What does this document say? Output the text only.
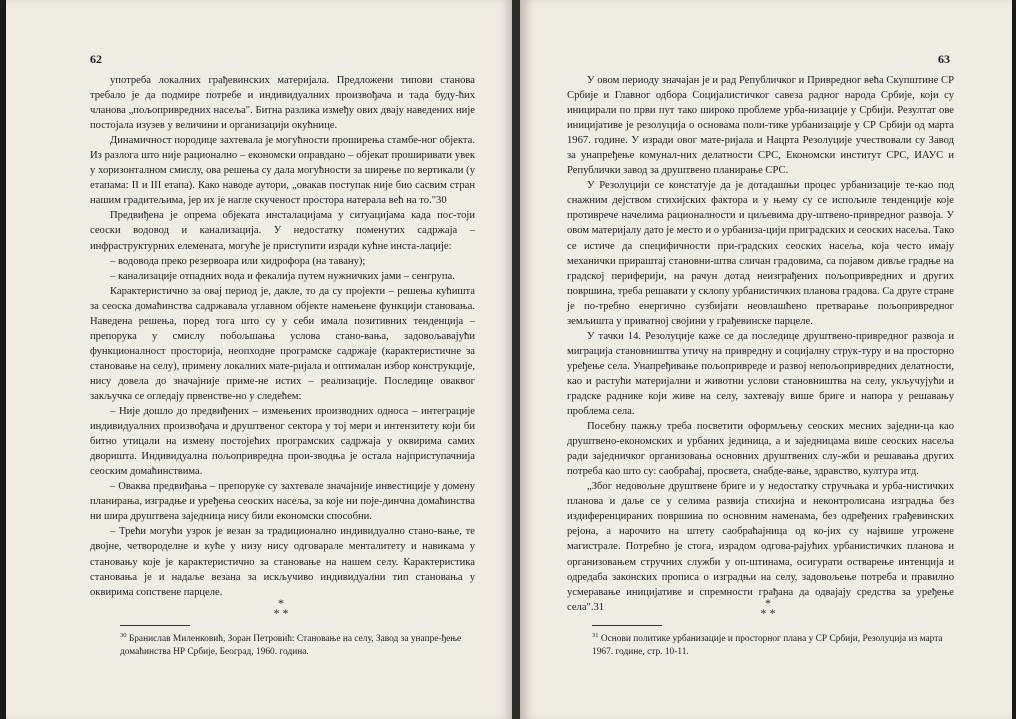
62

употреба локалних грађевинских материјала. Предложени типови станова требало је да подмире потребе и индивидуалних произвођача и тада буду-ћих чланова „пољопривредних насеља". Битна разлика између ових двају наведених није постојала изузев у величини и организацији окућнице.

Динамичност породице захтевала је могућности проширења стамбе-ног објекта. Из разлога што није рационално – економски оправдано – објекат проширивати увек у хоризонталном смислу, ова решења су дала могућности за ширење по вертикали (у етапама: II и III етапа). Како наводе аутори, „овакав поступак није био сасвим стран нашим градитељима, јер их је нагле скученост простора натерала већ на то."30

Предвиђена је опрема објеката инсталацијама у ситуацијама када пос-тоји сеоски водовод и канализација. У недостатку поменутих садржаја – инфраструктурних елемената, могуће је приступити изради кућне инста-лације:

– водовода преко резервоара или хидрофора (на тавану);

– канализације отпадних вода и фекалија путем нужничких јами – сенгрупа.

Карактеристично за овај период је, дакле, то да су пројекти – решења кућишта за сеоска домаћинства садржавала углавном објекте намењене функцији становања. Наведена решења, поред тога што су у себи имала позитивних тенденција – препорука у смислу побољшања услова стано-вања, задовољавајући функционалност просторија, неопходне програмске садржаје (карактеристичне за становање на селу), примену локалних мате-ријала и оптималан избор конструкције, нису довела до значајније приме-не истих – реализације. Последице оваквог закључка се огледају првенстве-но у следећем:

– Није дошло до предвиђених – измењених производних односа – интеграције индивидуалних произвођача и друштвеног сектора у тој мери и интензитету који би битно утицали на измену постојећих програмских садржаја у оквирима самих дворишта. Индивидуална пољопривредна прои-зводња је остала најприступачнија сеоским домаћинствима.

– Оваква предвиђања – препоруке су захтевале значајније инвестиције у домену планирања, изградње и уређења сеоских насеља, за које ни поје-динчна домаћинства ни шира друштвена заједница нису били економски способни.

– Трећи могући узрок је везан за традиционално индивидуално стано-вање, те двојне, четвороделне и куће у низу нису одговарале менталитету и навикама у становању које је карактеристично за становање на нашем селу. Карактеристика становања је и надаље везана за искључиво индивидуални тип становања у оквирима сопствене парцеле.

*
* *
$^{30}$ Бранислав Миленковић, Зоран Петровић: Становање на селу, Завод за унапре-ђење домаћинства НР Србије, Београд, 1960. година.
63

У овом периоду значајан је и рад Републичког и Привредног већа Скупштине СР Србије и Главног одбора Социјалистичког савеза радног народа Србије, који су иницирали по први пут тако широко проблеме урба-низације у Србији. Резултат ове иницијативе је резолуција о основама поли-тике урбанизације у СР Србији од марта 1967. године. У изради овог мате-ријала и Нацрта Резолуције учествовали су Завод за унапређење комунал-них делатности СРС, Економски институт СРС, ИАУС и Републички завод за друштвено планирање СРС.

У Резолуцији се констатује да је дотадашњи процес урбанизације те-као под снажним дејством стихијских фактора и у њему су се испољиле тенденције које противрече начелима рационалности и циљевима дру-штвено-привредног развоја. У овом материјалу дато је место и о урбаниза-цији приградских и сеоских насеља. Тако се истиче да специфичности при-градских сеоских насеља, која често имају механички прираштај становни-штва сличан градовима, са појавом дивље градње на градској периферији, на рачун дотад неизграђених пољопривредних и других површина, треба решавати у склопу урбанистичких планова градова. Са друге стране је по-требно енергично сузбијати неовлашћено претварање пољопривредног земљишта у приватној својини у грађевинске парцеле.

У тачки 14. Резолуције каже се да последице друштвено-привредног развоја и миграција становништва утичу на привредну и социјалну струк-туру и на просторно уређење села. Унапређивање пољопривреде и развој непољопривредних делатности, као и растући материјални и животни услови становништва на селу, укључујући и градске раднике који живе на селу, захтевају више бриге и напора у решавању проблема села.

Посебну пажњу треба посветити оформљењу сеоских месних заједни-ца као друштвено-економских и урбаних јединица, а и заједницама више сеоских насеља ради заједничког организовања основних друштвених слу-жби и решавања других потреба као што су: саобраћај, просвета, снабде-вање, здравство, култура итд.

„Због недовољне друштвене бриге и у недостатку стручњака и урба-нистичких планова и даље се у селима развија стихијна и неконтролисана изградња без издиференцираних површина по основним наменама, без одређених грађевинских рејона, а нарочито на штету саобраћајница од ко-јих су највише угрожене магистрале. Потребно је стога, израдом одгова-рајућих урбанистичких планова и организовањем стручних служби у оп-штинама, осигурати остварење интенција и одредаба законских прописа о изградњи на селу, задовољење потреба и правилно усмеравање иницијативе и спремности грађана да одвајају средства за уређење села".31	*
* *
$^{31}$ Основи политике урбанизације и просторног плана у СР Србији, Резолуција из марта 1967. године, стр. 10-11.
